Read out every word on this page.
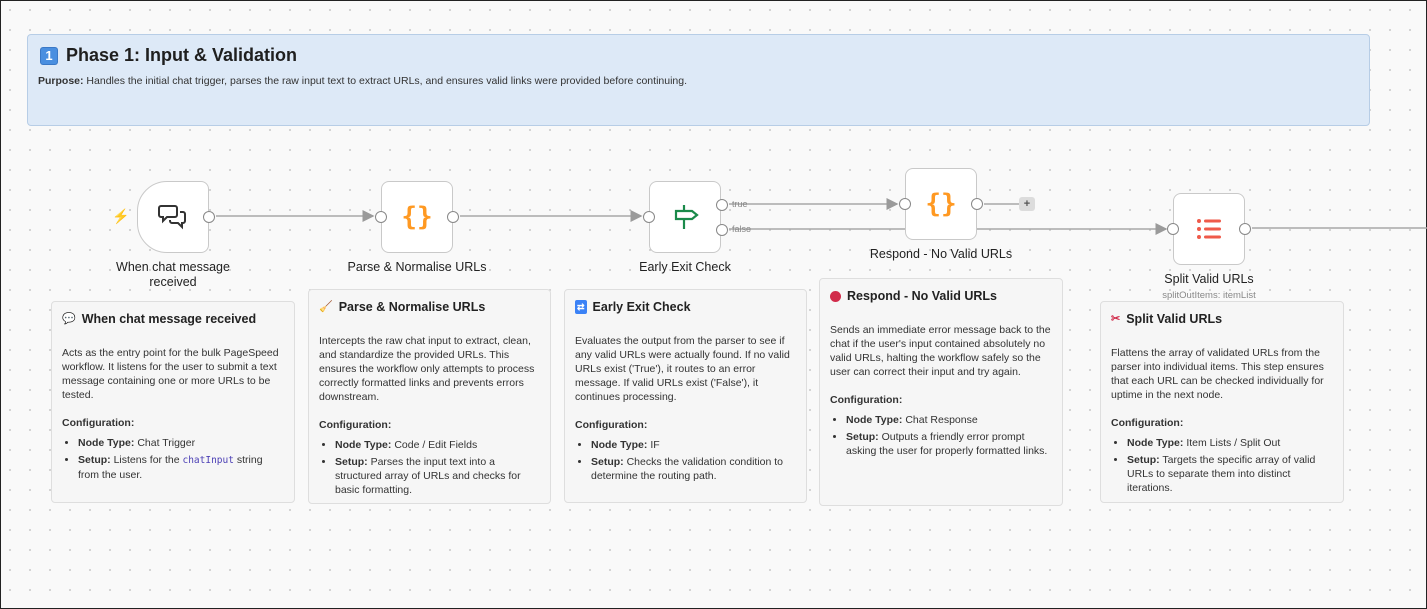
1 Phase 1: Input & Validation
Purpose: Handles the initial chat trigger, parses the raw input text to extract URLs, and ensures valid links were provided before continuing.
⚡
When chat message received
{}
Parse & Normalise URLs
true
false
Early Exit Check
{}	+
Respond - No Valid URLs
Split Valid URLs
splitOutItems: itemList
💬 When chat message received
Acts as the entry point for the bulk PageSpeed workflow. It listens for the user to submit a text message containing one or more URLs to be tested.
Configuration:
• Node Type: Chat Trigger
• Setup: Listens for the chatInput string from the user.
🧹 Parse & Normalise URLs
Intercepts the raw chat input to extract, clean, and standardize the provided URLs. This ensures the workflow only attempts to process correctly formatted links and prevents errors downstream.
Configuration:
• Node Type: Code / Edit Fields
• Setup: Parses the input text into a structured array of URLs and checks for basic formatting.
⇄ Early Exit Check
Evaluates the output from the parser to see if any valid URLs were actually found. If no valid URLs exist ('True'), it routes to an error message. If valid URLs exist ('False'), it continues processing.
Configuration:
• Node Type: IF
• Setup: Checks the validation condition to determine the routing path.
Respond - No Valid URLs
Sends an immediate error message back to the chat if the user's input contained absolutely no valid URLs, halting the workflow safely so the user can correct their input and try again.
Configuration:
• Node Type: Chat Response
• Setup: Outputs a friendly error prompt asking the user for properly formatted links.
✂ Split Valid URLs
Flattens the array of validated URLs from the parser into individual items. This step ensures that each URL can be checked individually for uptime in the next node.
Configuration:
• Node Type: Item Lists / Split Out
• Setup: Targets the specific array of valid URLs to separate them into distinct iterations.
